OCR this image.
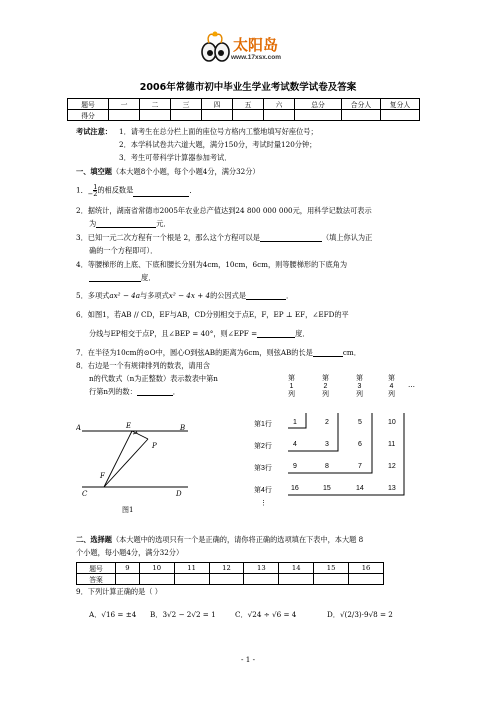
太阳岛
www.17xsx.com
2006年常德市初中毕业生学业考试数学试卷及答案
题号	一	二	三	四	五	六	总分	合分人	复分人
得分									
考试注意： 1．请考生在总分栏上面的座位号方格内工整地填写好座位号；
2．本学科试卷共六道大题，满分150分，考试时量120分钟；
3．考生可带科学计算器参加考试．
一、填空题（本大题8个小题，每个小题4分，满分32分）
1．− $\frac{1}{2}$ 的相反数是	．
2．据统计，湖南省常德市2005年农业总产值达到24 800 000 000元，用科学记数法可表示
为	元．
3．已知一元二次方程有一个根是 2，那么这个方程可以是	（填上你认为正
确的一个方程即可）．
4．等腰梯形的上底、下底和腰长分别为4cm，10cm，6cm，则等腰梯形的下底角为
度．
5．多项式ax² − 4a与多项式x² − 4x + 4的公因式是	．
6．如图1，若AB // CD，EF与AB，CD分别相交于点E，F，EP ⊥ EF，∠EFD的平
分线与EP相交于点P，且∠BEP = 40°，则∠EPF =	度．
7．在半径为10cm的⊙O中，圆心O到弦AB的距离为6cm，则弦AB的长是	cm．
8．右边是一个有规律排列的数表，请用含
n的代数式（n为正整数）表示数表中第n
行第n列的数：	．
A	E	B
P
F
C	D
图1
第
1
列
第
2
列
第
3
列
第
4
列
⋯
第1行
第2行
第3行
第4行
⋮
1	2	5	10
4	3	6	11
9	8	7	12
16	15	14	13
二、选择题（本大题中的选项只有一个是正确的，请你将正确的选项填在下表中，本大题 8
个小题，每小题4分，满分32分）
题号	9	10	11	12	13	14	15	16
答案								
9．下列计算正确的是（ ）
A．√16 = ±4 B．3√2 − 2√2 = 1	C．√24 ÷ √6 = 4	D．√(2/3)·9√8 = 2
- 1 -
